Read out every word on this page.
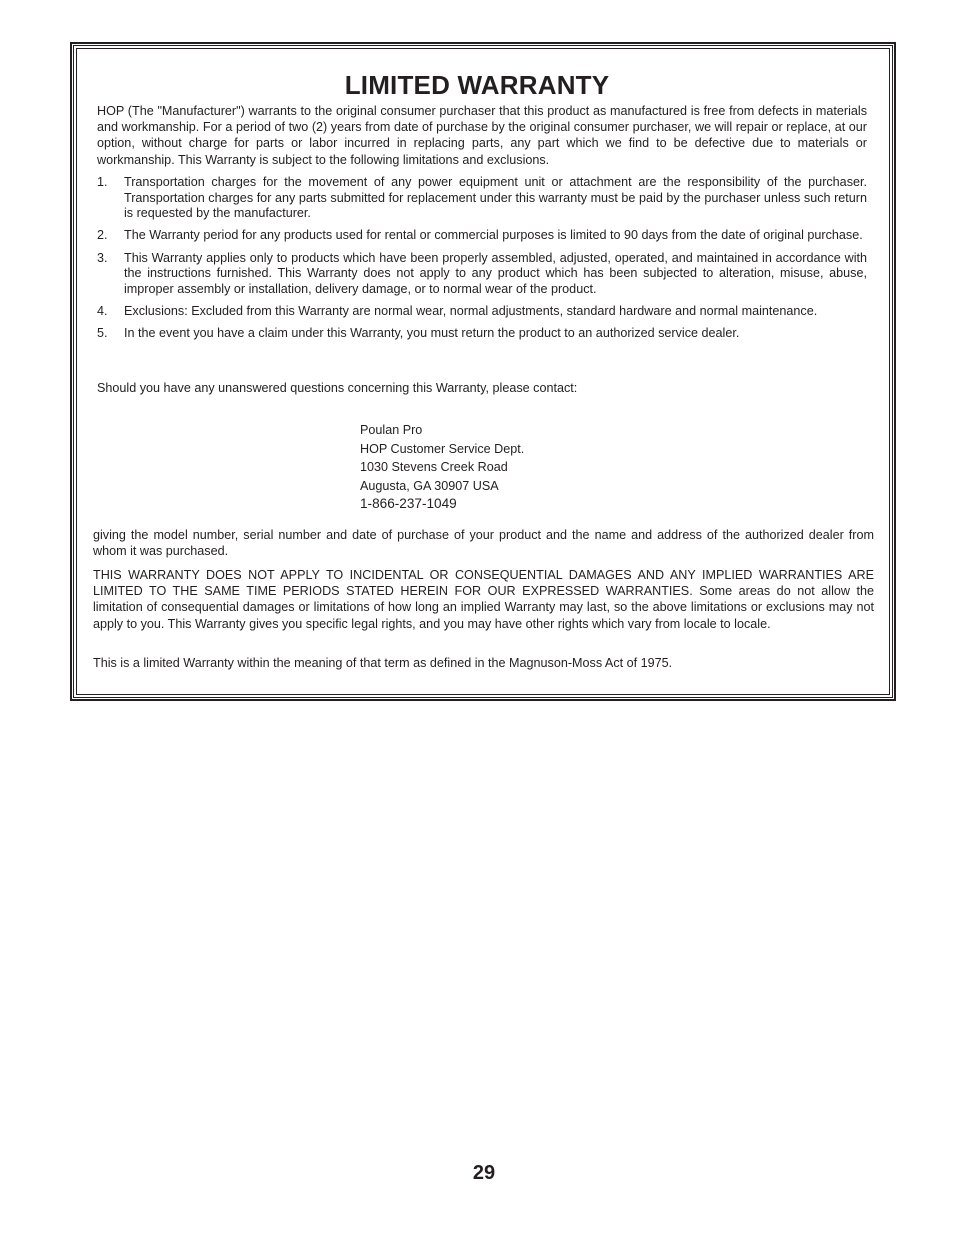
LIMITED WARRANTY

HOP (The "Manufacturer") warrants to the original consumer purchaser that this product as manufactured is free from defects in materials and workmanship. For a period of two (2) years from date of purchase by the original consumer purchaser, we will repair or replace, at our option, without charge for parts or labor incurred in replacing parts, any part which we find to be defective due to materials or workmanship. This Warranty is subject to the following limitations and exclusions.

1. Transportation charges for the movement of any power equipment unit or attachment are the responsibility of the purchaser. Transportation charges for any parts submitted for replacement under this warranty must be paid by the purchaser unless such return is requested by the manufacturer.
2. The Warranty period for any products used for rental or commercial purposes is limited to 90 days from the date of original purchase.
3. This Warranty applies only to products which have been properly assembled, adjusted, operated, and maintained in accordance with the instructions furnished. This Warranty does not apply to any product which has been subjected to alteration, misuse, abuse, improper assembly or installation, delivery damage, or to normal wear of the product.
4. Exclusions: Excluded from this Warranty are normal wear, normal adjustments, standard hardware and normal maintenance.
5. In the event you have a claim under this Warranty, you must return the product to an authorized service dealer.

Should you have any unanswered questions concerning this Warranty, please contact:

Poulan Pro
HOP Customer Service Dept.
1030 Stevens Creek Road
Augusta, GA 30907 USA
1-866-237-1049

giving the model number, serial number and date of purchase of your product and the name and address of the authorized dealer from whom it was purchased.

THIS WARRANTY DOES NOT APPLY TO INCIDENTAL OR CONSEQUENTIAL DAMAGES AND ANY IMPLIED WARRANTIES ARE LIMITED TO THE SAME TIME PERIODS STATED HEREIN FOR OUR EXPRESSED WARRANTIES. Some areas do not allow the limitation of consequential damages or limitations of how long an implied Warranty may last, so the above limitations or exclusions may not apply to you. This Warranty gives you specific legal rights, and you may have other rights which vary from locale to locale.

This is a limited Warranty within the meaning of that term as defined in the Magnuson-Moss Act of 1975.

29
